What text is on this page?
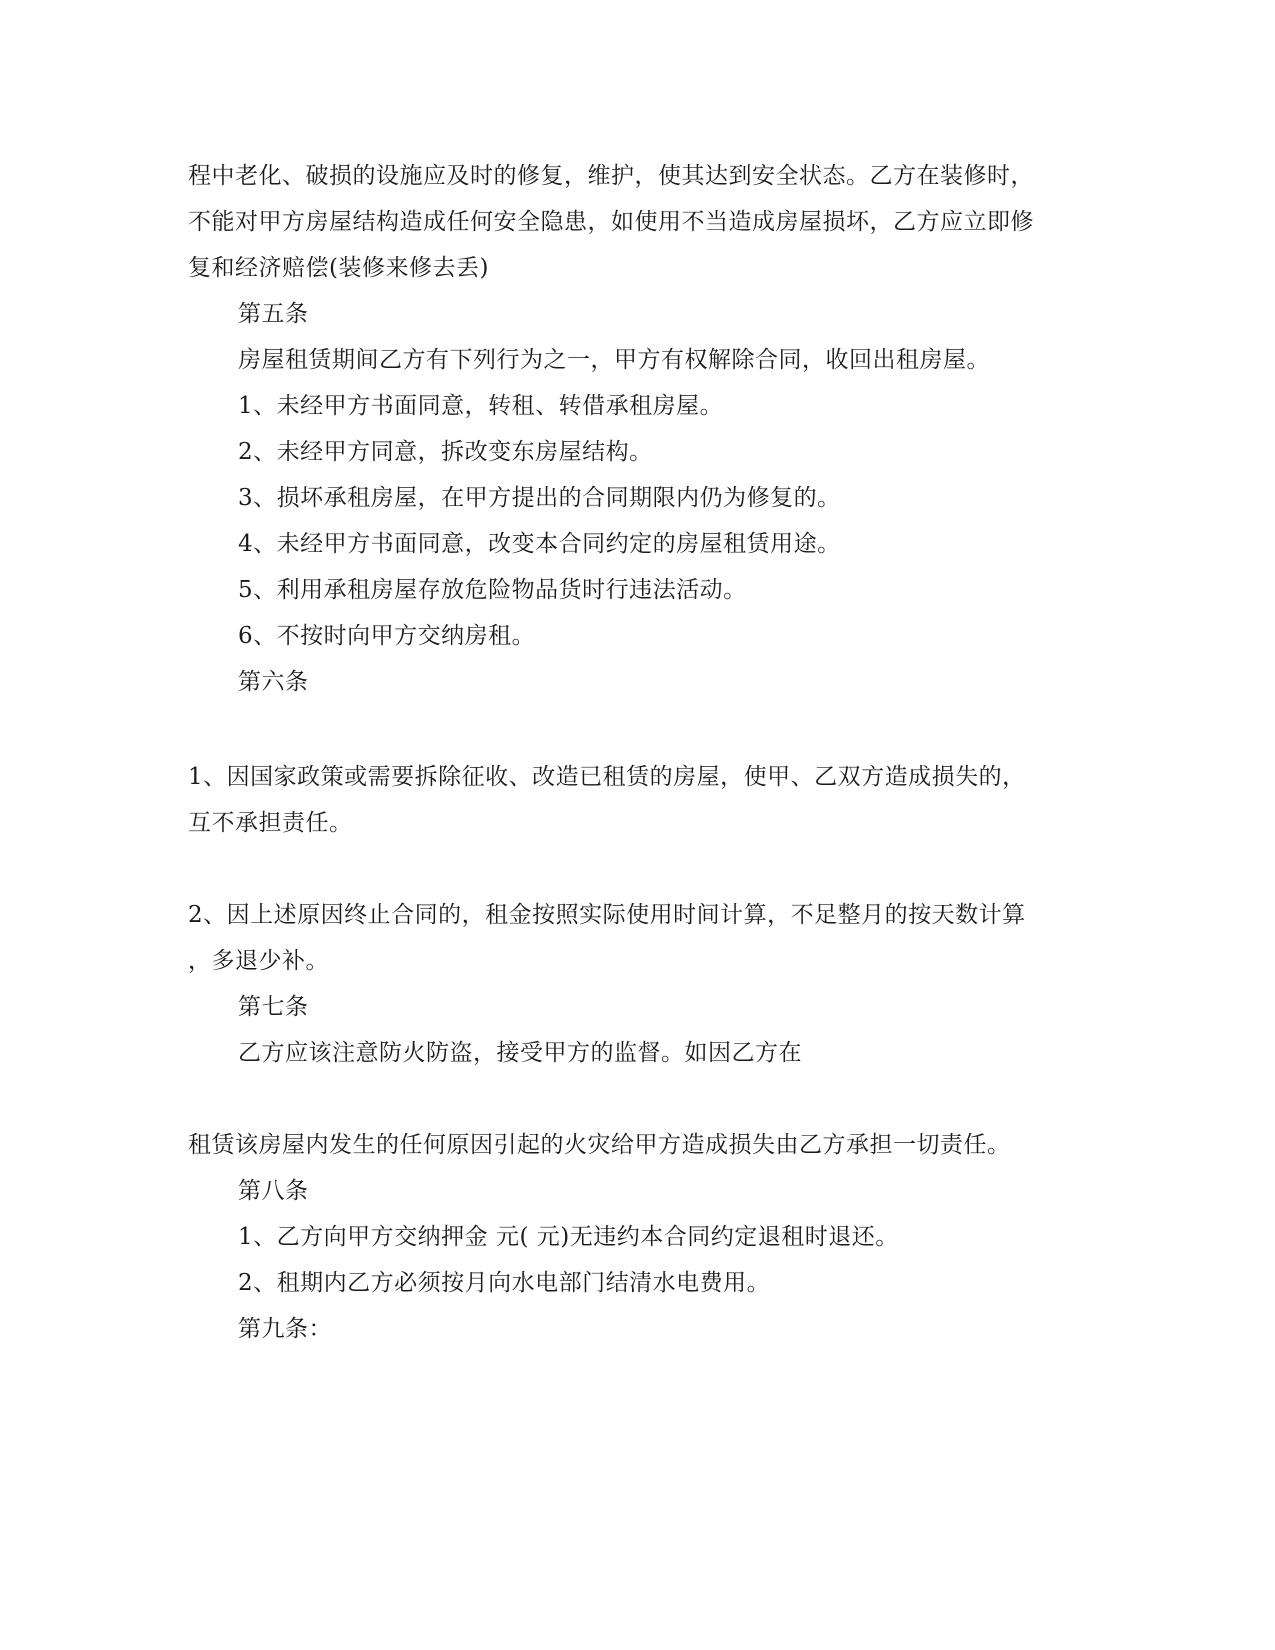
程中老化、破损的设施应及时的修复，维护，使其达到安全状态。乙方在装修时，
不能对甲方房屋结构造成任何安全隐患，如使用不当造成房屋损坏，乙方应立即修
复和经济赔偿(装修来修去丢)
第五条
房屋租赁期间乙方有下列行为之一，甲方有权解除合同，收回出租房屋。
1、未经甲方书面同意，转租、转借承租房屋。
2、未经甲方同意，拆改变东房屋结构。
3、损坏承租房屋，在甲方提出的合同期限内仍为修复的。
4、未经甲方书面同意，改变本合同约定的房屋租赁用途。
5、利用承租房屋存放危险物品货时行违法活动。
6、不按时向甲方交纳房租。
第六条
1、因国家政策或需要拆除征收、改造已租赁的房屋，使甲、乙双方造成损失的，
互不承担责任。
2、因上述原因终止合同的，租金按照实际使用时间计算，不足整月的按天数计算
，多退少补。
第七条
乙方应该注意防火防盗，接受甲方的监督。如因乙方在
租赁该房屋内发生的任何原因引起的火灾给甲方造成损失由乙方承担一切责任。
第八条
1、乙方向甲方交纳押金 元( 元)无违约本合同约定退租时退还。
2、租期内乙方必须按月向水电部门结清水电费用。
第九条：
